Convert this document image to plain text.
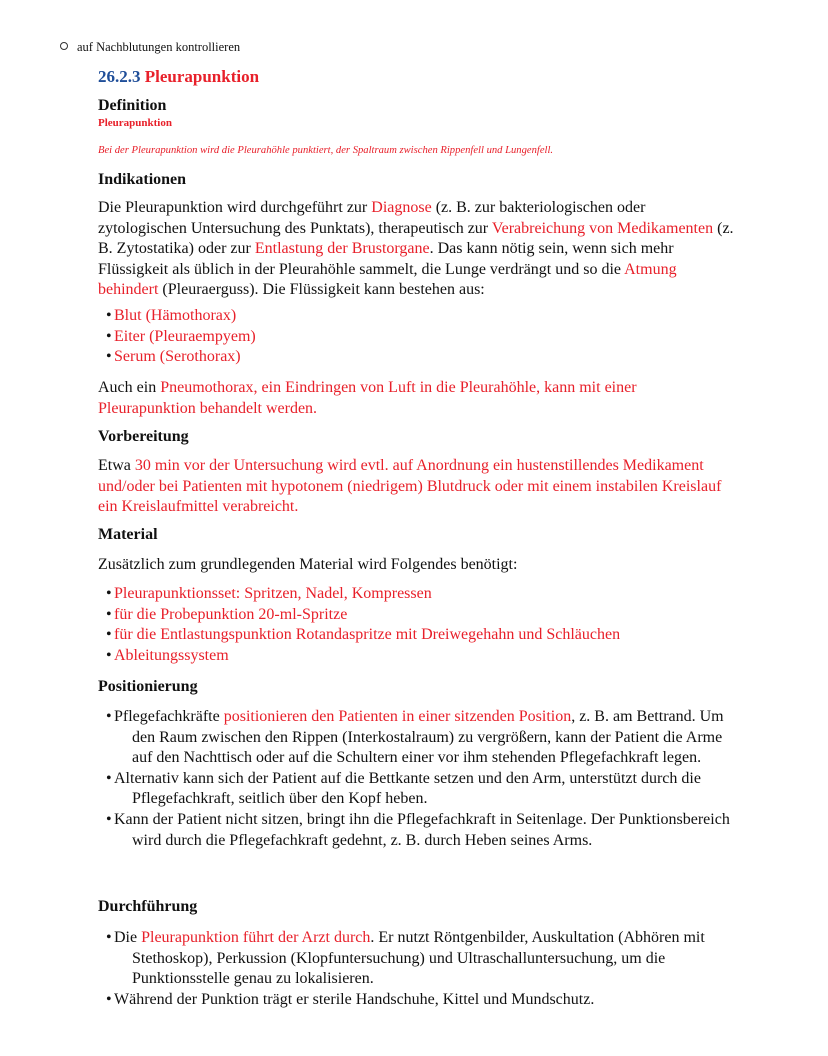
auf Nachblutungen kontrollieren
26.2.3 Pleurapunktion
Definition
Pleurapunktion
Bei der Pleurapunktion wird die Pleurahöhle punktiert, der Spaltraum zwischen Rippenfell und Lungenfell.
Indikationen
Die Pleurapunktion wird durchgeführt zur Diagnose (z. B. zur bakteriologischen oder zytologischen Untersuchung des Punktats), therapeutisch zur Verabreichung von Medikamenten (z. B. Zytostatika) oder zur Entlastung der Brustorgane. Das kann nötig sein, wenn sich mehr Flüssigkeit als üblich in der Pleurahöhle sammelt, die Lunge verdrängt und so die Atmung behindert (Pleuraerguss). Die Flüssigkeit kann bestehen aus:
• Blut (Hämothorax)
• Eiter (Pleuraempyem)
• Serum (Serothorax)
Auch ein Pneumothorax, ein Eindringen von Luft in die Pleurahöhle, kann mit einer Pleurapunktion behandelt werden.
Vorbereitung
Etwa 30 min vor der Untersuchung wird evtl. auf Anordnung ein hustenstillendes Medikament und/oder bei Patienten mit hypotonem (niedrigem) Blutdruck oder mit einem instabilen Kreislauf ein Kreislaufmittel verabreicht.
Material
Zusätzlich zum grundlegenden Material wird Folgendes benötigt:
• Pleurapunktionsset: Spritzen, Nadel, Kompressen
• für die Probepunktion 20-ml-Spritze
• für die Entlastungspunktion Rotandaspritze mit Dreiwegehahn und Schläuchen
• Ableitungssystem
Positionierung
• Pflegefachkräfte positionieren den Patienten in einer sitzenden Position, z. B. am Bettrand. Um den Raum zwischen den Rippen (Interkostalraum) zu vergrößern, kann der Patient die Arme auf den Nachttisch oder auf die Schultern einer vor ihm stehenden Pflegefachkraft legen.
• Alternativ kann sich der Patient auf die Bettkante setzen und den Arm, unterstützt durch die Pflegefachkraft, seitlich über den Kopf heben.
• Kann der Patient nicht sitzen, bringt ihn die Pflegefachkraft in Seitenlage. Der Punktionsbereich wird durch die Pflegefachkraft gedehnt, z. B. durch Heben seines Arms.
Durchführung
• Die Pleurapunktion führt der Arzt durch. Er nutzt Röntgenbilder, Auskultation (Abhören mit Stethoskop), Perkussion (Klopfuntersuchung) und Ultraschalluntersuchung, um die Punktionsstelle genau zu lokalisieren.
• Während der Punktion trägt er sterile Handschuhe, Kittel und Mundschutz.
